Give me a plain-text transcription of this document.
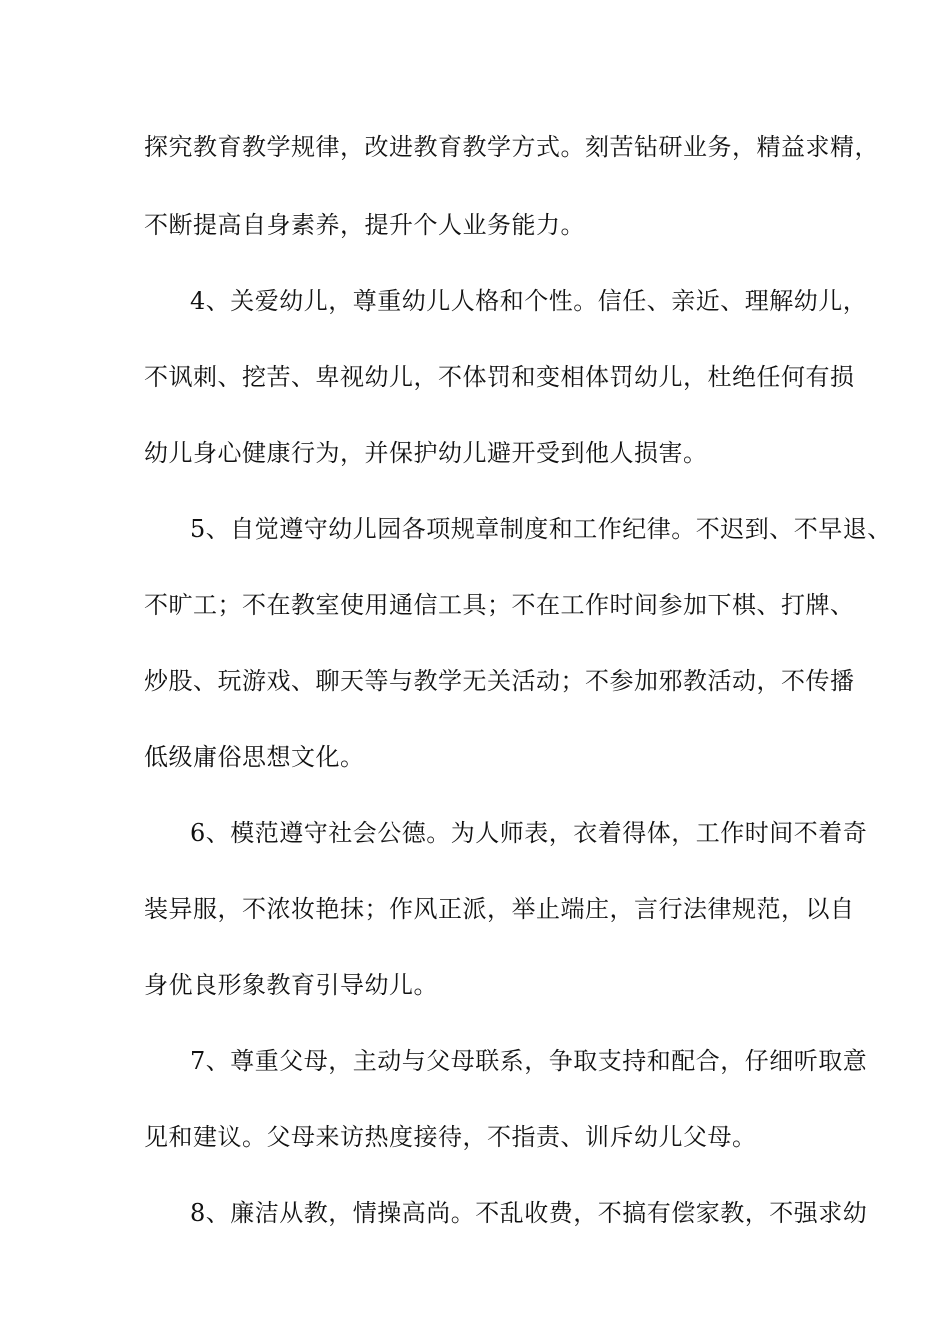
探究教育教学规律，改进教育教学方式。刻苦钻研业务，精益求精，
不断提高自身素养，提升个人业务能力。
4、关爱幼儿，尊重幼儿人格和个性。信任、亲近、理解幼儿，
不讽刺、挖苦、卑视幼儿，不体罚和变相体罚幼儿，杜绝任何有损
幼儿身心健康行为，并保护幼儿避开受到他人损害。
5、自觉遵守幼儿园各项规章制度和工作纪律。不迟到、不早退、
不旷工；不在教室使用通信工具；不在工作时间参加下棋、打牌、
炒股、玩游戏、聊天等与教学无关活动；不参加邪教活动，不传播
低级庸俗思想文化。
6、模范遵守社会公德。为人师表，衣着得体，工作时间不着奇
装异服，不浓妆艳抹；作风正派，举止端庄，言行法律规范，以自
身优良形象教育引导幼儿。
7、尊重父母，主动与父母联系，争取支持和配合，仔细听取意
见和建议。父母来访热度接待，不指责、训斥幼儿父母。
8、廉洁从教，情操高尚。不乱收费，不搞有偿家教，不强求幼
